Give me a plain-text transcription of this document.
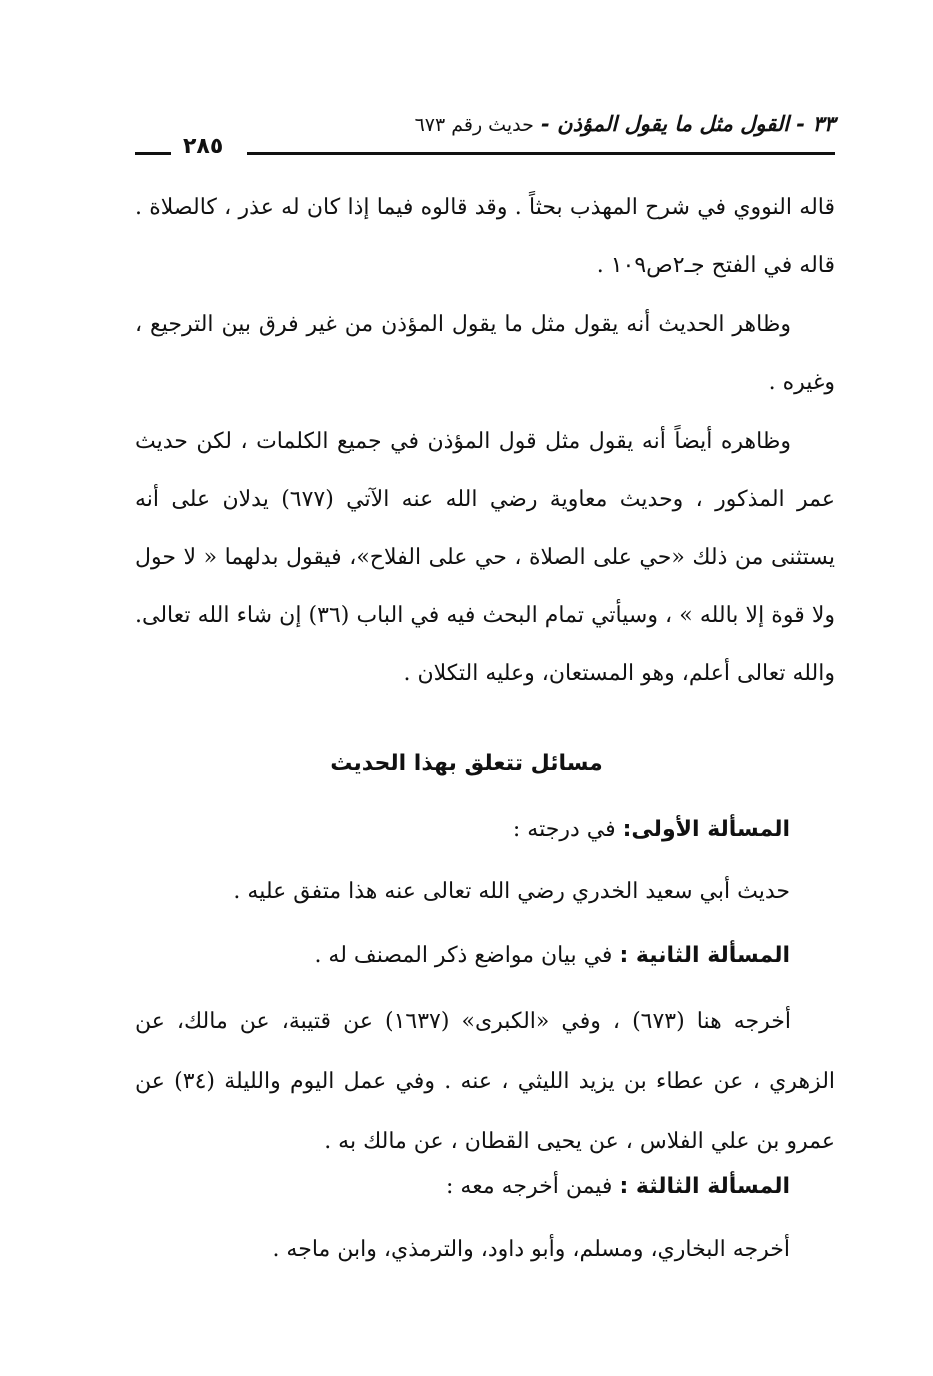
٣٣ - القول مثل ما يقول المؤذن - حديث رقم ٦٧٣
٢٨٥

قاله النووي في شرح المهذب بحثاً . وقد قالوه فيما إذا كان له عذر ، كالصلاة . قاله في الفتح جـ٢ص١٠٩ .

وظاهر الحديث أنه يقول مثل ما يقول المؤذن من غير فرق بين الترجيع ، وغيره .

وظاهره أيضاً أنه يقول مثل قول المؤذن في جميع الكلمات ، لكن حديث عمر المذكور ، وحديث معاوية رضي الله عنه الآتي (٦٧٧) يدلان على أنه يستثنى من ذلك «حي على الصلاة ، حي على الفلاح»، فيقول بدلهما « لا حول ولا قوة إلا بالله » ، وسيأتي تمام البحث فيه في الباب (٣٦) إن شاء الله تعالى. والله تعالى أعلم، وهو المستعان، وعليه التكلان .

مسائل تتعلق بهذا الحديث

المسألة الأولى: في درجته :

حديث أبي سعيد الخدري رضي الله تعالى عنه هذا متفق عليه .

المسألة الثانية : في بيان مواضع ذكر المصنف له .

أخرجه هنا (٦٧٣) ، وفي «الكبرى» (١٦٣٧) عن قتيبة، عن مالك، عن الزهري ، عن عطاء بن يزيد الليثي ، عنه . وفي عمل اليوم والليلة (٣٤) عن عمرو بن علي الفلاس ، عن يحيى القطان ، عن مالك به .

المسألة الثالثة : فيمن أخرجه معه :

أخرجه البخاري، ومسلم، وأبو داود، والترمذي، وابن ماجه .
